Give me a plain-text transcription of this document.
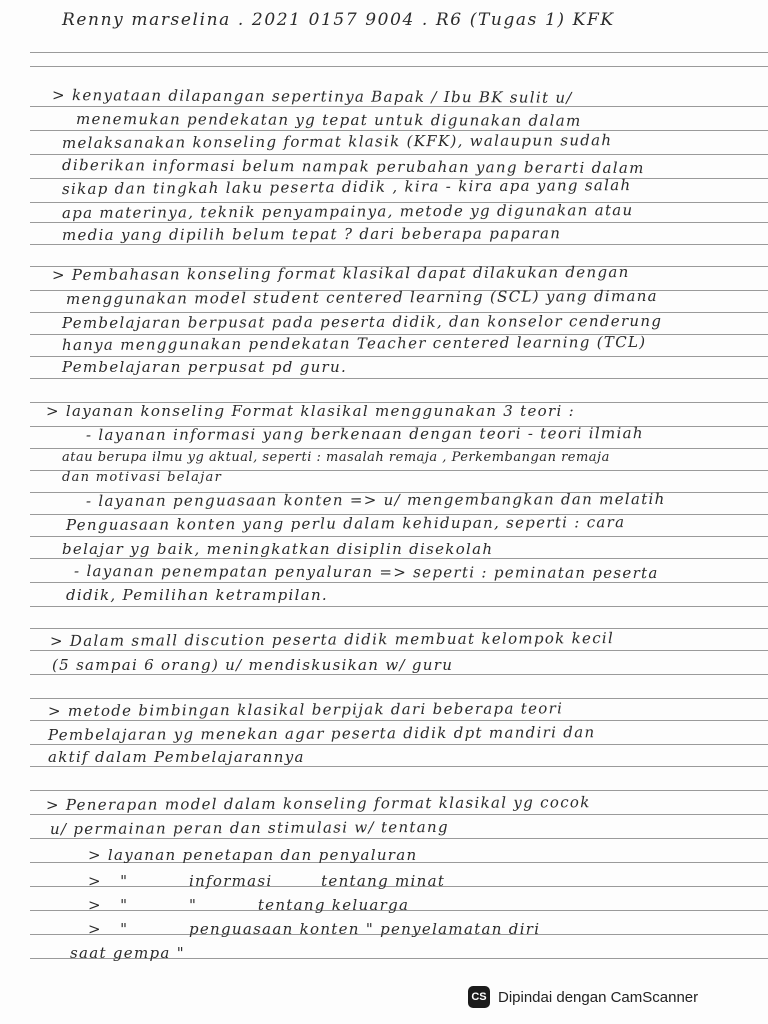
Renny marselina . 2021 0157 9004 . R6 (Tugas 1) KFK
> kenyataan dilapangan sepertinya Bapak / Ibu BK sulit u/
menemukan pendekatan yg tepat untuk digunakan dalam
melaksanakan konseling format klasik (KFK), walaupun sudah
diberikan informasi belum nampak perubahan yang berarti dalam
sikap dan tingkah laku peserta didik , kira - kira apa yang salah
apa materinya, teknik penyampainya, metode yg digunakan atau
media yang dipilih belum tepat ? dari beberapa paparan
> Pembahasan konseling format klasikal dapat dilakukan dengan
menggunakan model student centered learning (SCL) yang dimana
Pembelajaran berpusat pada peserta didik, dan konselor cenderung
hanya menggunakan pendekatan Teacher centered learning (TCL)
Pembelajaran perpusat pd guru.
> layanan konseling Format klasikal menggunakan 3 teori :
- layanan informasi yang berkenaan dengan teori - teori ilmiah
atau berupa ilmu yg aktual, seperti : masalah remaja , Perkembangan remaja
dan motivasi belajar
- layanan penguasaan konten => u/ mengembangkan dan melatih
Penguasaan konten yang perlu dalam kehidupan, seperti : cara
belajar yg baik, meningkatkan disiplin disekolah
- layanan penempatan penyaluran => seperti : peminatan peserta
didik, Pemilihan ketrampilan.
> Dalam small discution peserta didik membuat kelompok kecil
(5 sampai 6 orang) u/ mendiskusikan w/ guru
> metode bimbingan klasikal berpijak dari beberapa teori
Pembelajaran yg menekan agar peserta didik dpt mandiri dan
aktif dalam Pembelajarannya
> Penerapan model dalam konseling format klasikal yg cocok
u/ permainan peran dan stimulasi w/ tentang
> layanan penetapan dan penyaluran
>   "          informasi        tentang minat
>   "          "          tentang keluarga
>   "          penguasaan konten " penyelamatan diri
saat gempa "
CS Dipindai dengan CamScanner
